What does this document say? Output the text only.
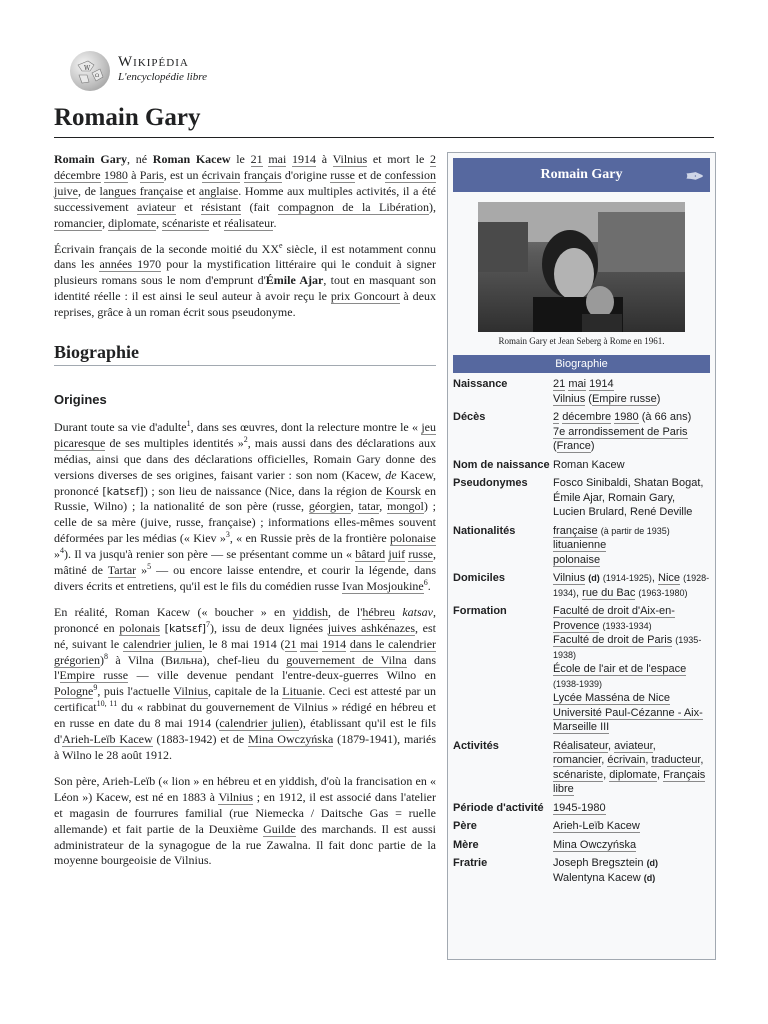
W
Ω
Wikipédia
L'encyclopédie libre
Romain Gary

Romain Gary, né Roman Kacew le 21 mai 1914 à Vilnius et mort le 2 décembre 1980 à Paris, est un écrivain français d'origine russe et de confession juive, de langues française et anglaise. Homme aux multiples activités, il a été successivement aviateur et résistant (fait compagnon de la Libération), romancier, diplomate, scénariste et réalisateur.

Écrivain français de la seconde moitié du XXe siècle, il est notamment connu dans les années 1970 pour la mystification littéraire qui le conduit à signer plusieurs romans sous le nom d'emprunt d'Émile Ajar, tout en masquant son identité réelle : il est ainsi le seul auteur à avoir reçu le prix Goncourt à deux reprises, grâce à un roman écrit sous pseudonyme.

Biographie
Origines

Durant toute sa vie d'adulte$^1$, dans ses œuvres, dont la relecture montre le « jeu picaresque de ses multiples identités »$^2$, mais aussi dans des déclarations aux médias, ainsi que dans des déclarations officielles, Romain Gary donne des versions diverses de ses origines, faisant varier : son nom (Kacew, de Kacew, prononcé [katsɛf]) ; son lieu de naissance (Nice, dans la région de Koursk en Russie, Wilno) ; la nationalité de son père (russe, géorgien, tatar, mongol) ; celle de sa mère (juive, russe, française) ; informations elles-mêmes souvent déformées par les médias (« Kiev »$^3$, « en Russie près de la frontière polonaise »$^4$). Il va jusqu'à renier son père — se présentant comme un « bâtard juif russe, mâtiné de Tartar »$^5$ — ou encore laisse entendre, et courir la légende, dans divers écrits et entretiens, qu'il est le fils du comédien russe Ivan Mosjoukine$^6$.

En réalité, Roman Kacew (« boucher » en yiddish, de l'hébreu katsav, prononcé en polonais [katsɛf]$^7$), issu de deux lignées juives ashkénazes, est né, suivant le calendrier julien, le 8 mai 1914 (21 mai 1914 dans le calendrier grégorien)$^8$ à Vilna (Вильна), chef-lieu du gouvernement de Vilna dans l'Empire russe — ville devenue pendant l'entre-deux-guerres Wilno en Pologne$^9$, puis l'actuelle Vilnius, capitale de la Lituanie. Ceci est attesté par un certificat$^{10, 11}$ du « rabbinat du gouvernement de Vilnius » rédigé en hébreu et en russe en date du 8 mai 1914 (calendrier julien), établissant qu'il est le fils d'Arieh-Leïb Kacew (1883-1942) et de Mina Owczyńska (1879-1941), mariés à Wilno le 28 août 1912.

Son père, Arieh-Leïb (« lion » en hébreu et en yiddish, d'où la francisation en « Léon ») Kacew, est né en 1883 à Vilnius ; en 1912, il est associé dans l'atelier et magasin de fourrures familial (rue Niemecka / Daitsche Gas = ruelle allemande) et fait partie de la Deuxième Guilde des marchands. Il est aussi administrateur de la synagogue de la rue Zawalna. Il fait donc partie de la moyenne bourgeoisie de Vilnius.

Romain Gary	✒
Romain Gary et Jean Seberg à Rome en 1961.
Biographie
Naissance	21 mai 1914
Vilnius (Empire russe)
Décès	2 décembre 1980 (à 66 ans)
7e arrondissement de Paris
(France)
Nom de naissance Roman Kacew
Pseudonymes	Fosco Sinibaldi, Shatan Bogat, Émile Ajar, Romain Gary, Lucien Brulard, René Deville
Nationalités	française (à partir de 1935)
lituanienne
polonaise
Domiciles	Vilnius (d) (1914-1925), Nice (1928-1934), rue du Bac (1963-1980)
Formation	Faculté de droit d'Aix-en-Provence (1933-1934)
Faculté de droit de Paris (1935-1938)
École de l'air et de l'espace (1938-1939)
Lycée Masséna de Nice
Université Paul-Cézanne - Aix-Marseille III
Activités	Réalisateur, aviateur, romancier, écrivain, traducteur, scénariste, diplomate, Français libre
Période d'activité 1945-1980
Père	Arieh-Leïb Kacew
Mère	Mina Owczyńska
Fratrie	Joseph Bregsztein (d)
Walentyna Kacew (d)
